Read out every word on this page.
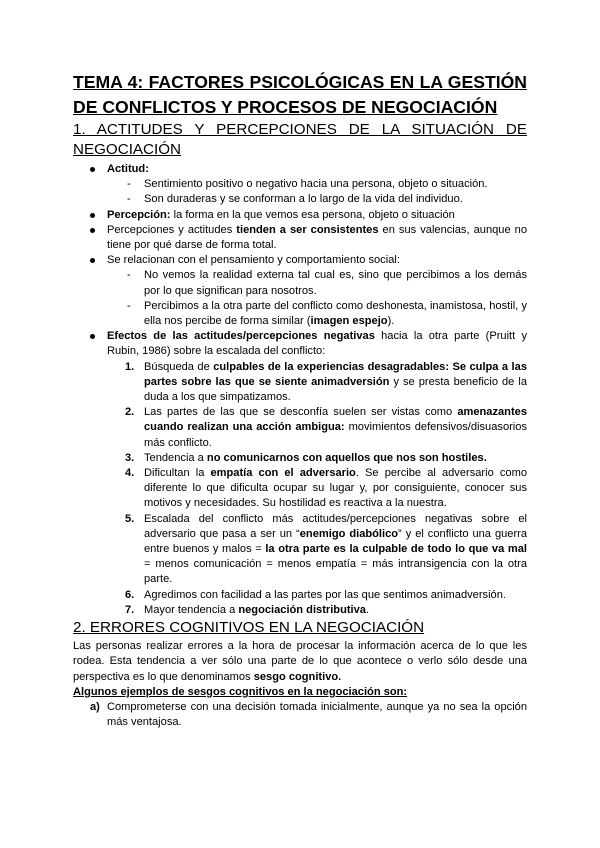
TEMA 4: FACTORES PSICOLÓGICAS EN LA GESTIÓN DE CONFLICTOS Y PROCESOS DE NEGOCIACIÓN
1. ACTITUDES Y PERCEPCIONES DE LA SITUACIÓN DE NEGOCIACIÓN
Actitud:
- Sentimiento positivo o negativo hacia una persona, objeto o situación.
- Son duraderas y se conforman a lo largo de la vida del individuo.
Percepción: la forma en la que vemos esa persona, objeto o situación
Percepciones y actitudes tienden a ser consistentes en sus valencias, aunque no tiene por qué darse de forma total.
Se relacionan con el pensamiento y comportamiento social:
- No vemos la realidad externa tal cual es, sino que percibimos a los demás por lo que significan para nosotros.
- Percibimos a la otra parte del conflicto como deshonesta, inamistosa, hostil, y ella nos percibe de forma similar (imagen espejo).
Efectos de las actitudes/percepciones negativas hacia la otra parte (Pruitt y Rubin, 1986) sobre la escalada del conflicto:
1. Búsqueda de culpables de la experiencias desagradables: Se culpa a las partes sobre las que se siente animadversión y se presta beneficio de la duda a los que simpatizamos.
2. Las partes de las que se desconfía suelen ser vistas como amenazantes cuando realizan una acción ambigua: movimientos defensivos/disuasorios más conflicto.
3. Tendencia a no comunicarnos con aquellos que nos son hostiles.
4. Dificultan la empatía con el adversario. Se percibe al adversario como diferente lo que dificulta ocupar su lugar y, por consiguiente, conocer sus motivos y necesidades. Su hostilidad es reactiva a la nuestra.
5. Escalada del conflicto más actitudes/percepciones negativas sobre el adversario que pasa a ser un “enemigo diabólico” y el conflicto una guerra entre buenos y malos = la otra parte es la culpable de todo lo que va mal = menos comunicación = menos empatía = más intransigencia con la otra parte.
6. Agredimos con facilidad a las partes por las que sentimos animadversión.
7. Mayor tendencia a negociación distributiva.
2. ERRORES COGNITIVOS EN LA NEGOCIACIÓN
Las personas realizar errores a la hora de procesar la información acerca de lo que les rodea. Esta tendencia a ver sólo una parte de lo que acontece o verlo sólo desde una perspectiva es lo que denominamos sesgo cognitivo.
Algunos ejemplos de sesgos cognitivos en la negociación son:
a) Comprometerse con una decisión tomada inicialmente, aunque ya no sea la opción más ventajosa.
